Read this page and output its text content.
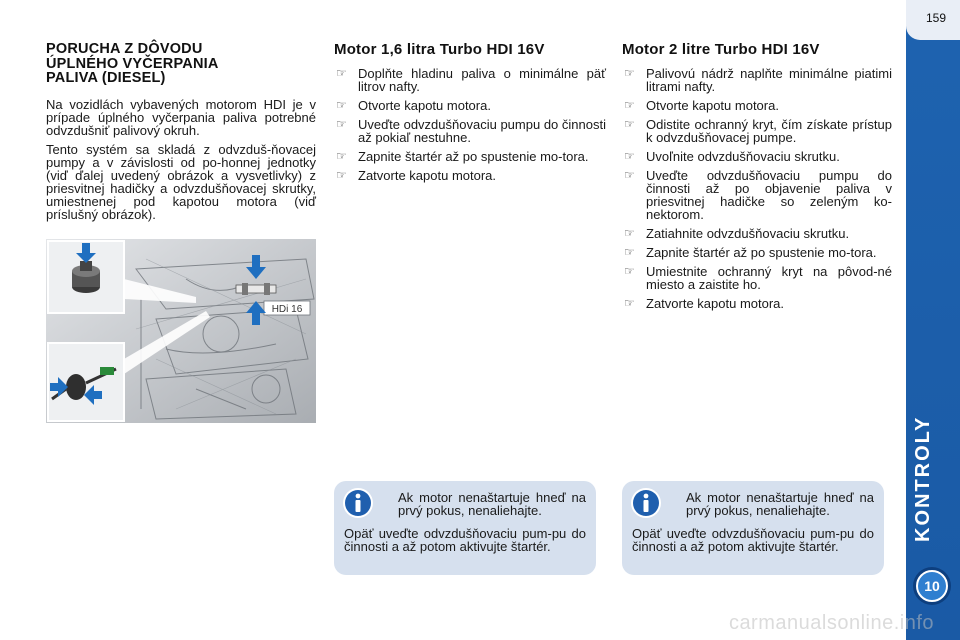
PORUCHA Z DÔVODU
ÚPLNÉHO VYČERPANIA
PALIVA (DIESEL)

Na vozidlách vybavených motorom HDI je v prípade úplného vyčerpania paliva potrebné odvzdušniť palivový okruh.

Tento systém sa skladá z odvzduš-ňovacej pumpy a v závislosti od po-honnej jednotky (viď ďalej uvedený obrázok a vysvetlivky) z priesvitnej hadičky a odvzdušňovacej skrutky, umiestnenej pod kapotou motora (viď príslušný obrázok).

HDi 16
Motor 1,6 litra Turbo HDI 16V
☞ Doplňte hladinu paliva o minimálne päť litrov nafty.
☞ Otvorte kapotu motora.
☞ Uveďte odvzdušňovaciu pumpu do činnosti až pokiaľ nestuhne.
☞ Zapnite štartér až po spustenie mo-tora.
☞ Zatvorte kapotu motora.
Motor 2 litre Turbo HDI 16V
☞ Palivovú nádrž naplňte minimálne piatimi litrami nafty.
☞ Otvorte kapotu motora.
☞ Odistite ochranný kryt, čím získate prístup k odvzdušňovacej pumpe.
☞ Uvoľnite odvzdušňovaciu skrutku.
☞ Uveďte odvzdušňovaciu pumpu do činnosti až po objavenie paliva v priesvitnej hadičke so zeleným ko-nektorom.
☞ Zatiahnite odvzdušňovaciu skrutku.
☞ Zapnite štartér až po spustenie mo-tora.
☞ Umiestnite ochranný kryt na pôvod-né miesto a zaistite ho.
☞ Zatvorte kapotu motora.

Ak motor nenaštartuje hneď na prvý pokus, nenaliehajte.

Opäť uveďte odvzdušňovaciu pum-pu do činnosti a až potom aktivujte štartér.

Ak motor nenaštartuje hneď na prvý pokus, nenaliehajte.

Opäť uveďte odvzdušňovaciu pum-pu do činnosti a až potom aktivujte štartér.

KONTROLY
10
159
carmanualsonline.info
